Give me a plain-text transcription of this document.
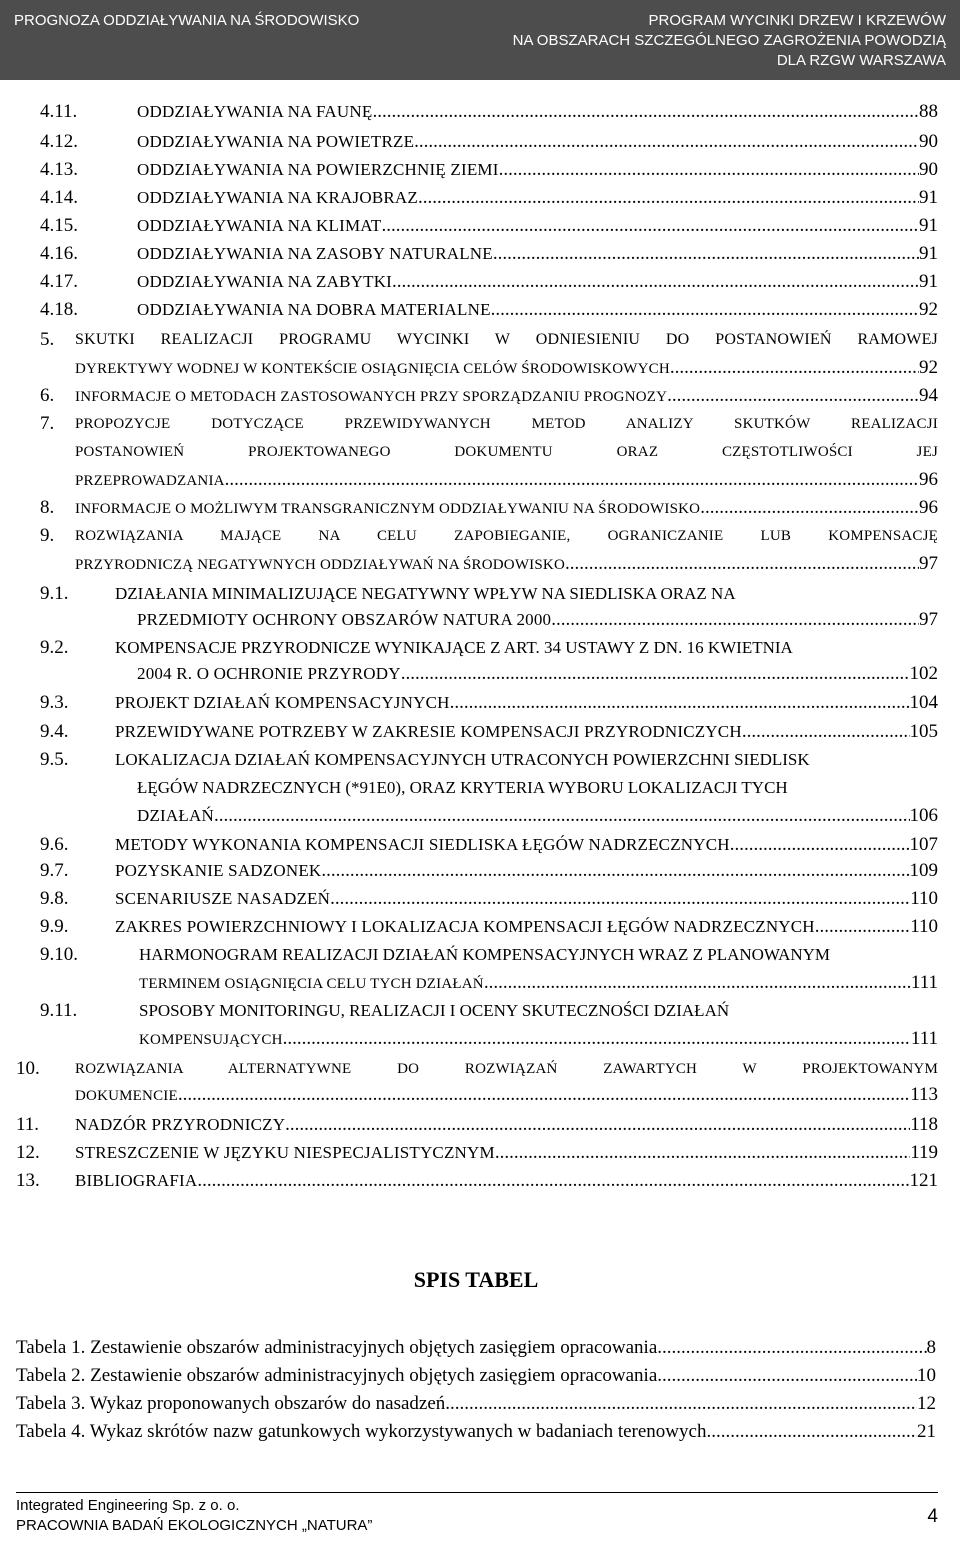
PROGNOZA ODDZIAŁYWANIA NA ŚRODOWISKO	PROGRAM WYCINKI DRZEW I KRZEWÓW
NA OBSZARACH SZCZEGÓLNEGO ZAGROŻENIA POWODZIĄ
DLA RZGW WARSZAWA
4.11.	ODDZIAŁYWANIA NA FAUNĘ .....	88
4.12.	ODDZIAŁYWANIA NA POWIETRZE .....	90
4.13.	ODDZIAŁYWANIA NA POWIERZCHNIĘ ZIEMI .....	90
4.14.	ODDZIAŁYWANIA NA KRAJOBRAZ .....	91
4.15.	ODDZIAŁYWANIA NA KLIMAT .....	91
4.16.	ODDZIAŁYWANIA NA ZASOBY NATURALNE .....	91
4.17.	ODDZIAŁYWANIA NA ZABYTKI .....	91
4.18.	ODDZIAŁYWANIA NA DOBRA MATERIALNE .....	92
5. SKUTKI REALIZACJI PROGRAMU WYCINKI W ODNIESIENIU DO POSTANOWIEŃ RAMOWEJ
DYREKTYWY WODNEJ W KONTEKŚCIE OSIĄGNIĘCIA CELÓW ŚRODOWISKOWYCH .....	92
6. INFORMACJE O METODACH ZASTOSOWANYCH PRZY SPORZĄDZANIU PROGNOZY .....	94
7. PROPOZYCJE DOTYCZĄCE PRZEWIDYWANYCH METOD ANALIZY SKUTKÓW REALIZACJI
POSTANOWIEŃ PROJEKTOWANEGO DOKUMENTU ORAZ CZĘSTOTLIWOŚCI JEJ
PRZEPROWADZANIA .....	96
8. INFORMACJE O MOŻLIWYM TRANSGRANICZNYM ODDZIAŁYWANIU NA ŚRODOWISKO .....	96
9. ROZWIĄZANIA MAJĄCE NA CELU ZAPOBIEGANIE, OGRANICZANIE LUB KOMPENSACJĘ
PRZYRODNICZĄ NEGATYWNYCH ODDZIAŁYWAŃ NA ŚRODOWISKO .....	97
9.1.	DZIAŁANIA MINIMALIZUJĄCE NEGATYWNY WPŁYW NA SIEDLISKA ORAZ NA
PRZEDMIOTY OCHRONY OBSZARÓW NATURA 2000 .....	97
9.2.	KOMPENSACJE PRZYRODNICZE WYNIKAJĄCE Z ART. 34 USTAWY Z DN. 16 KWIETNIA
2004 R. O OCHRONIE PRZYRODY .....	102
9.3.	PROJEKT DZIAŁAŃ KOMPENSACYJNYCH .....	104
9.4.	PRZEWIDYWANE POTRZEBY W ZAKRESIE KOMPENSACJI PRZYRODNICZYCH .....	105
9.5.	LOKALIZACJA DZIAŁAŃ KOMPENSACYJNYCH UTRACONYCH POWIERZCHNI SIEDLISK
ŁĘGÓW NADRZECZNYCH (*91E0), ORAZ KRYTERIA WYBORU LOKALIZACJI TYCH
DZIAŁAŃ .....	106
9.6.	METODY WYKONANIA KOMPENSACJI SIEDLISKA ŁĘGÓW NADRZECZNYCH .....	107
9.7.	POZYSKANIE SADZONEK .....	109
9.8.	SCENARIUSZE NASADZEŃ .....	110
9.9.	ZAKRES POWIERZCHNIOWY I LOKALIZACJA KOMPENSACJI ŁĘGÓW NADRZECZNYCH .....	110
9.10.	HARMONOGRAM REALIZACJI DZIAŁAŃ KOMPENSACYJNYCH WRAZ Z PLANOWANYM
TERMINEM OSIĄGNIĘCIA CELU TYCH DZIAŁAŃ .....	111
9.11.	SPOSOBY MONITORINGU, REALIZACJI I OCENY SKUTECZNOŚCI DZIAŁAŃ
KOMPENSUJĄCYCH .....	111
10. ROZWIĄZANIA ALTERNATYWNE DO ROZWIĄZAŃ ZAWARTYCH W PROJEKTOWANYM
DOKUMENCIE .....	113
11. NADZÓR PRZYRODNICZY .....	118
12. STRESZCZENIE W JĘZYKU NIESPECJALISTYCZNYM .....	119
13. BIBLIOGRAFIA .....	121
SPIS TABEL
Tabela 1. Zestawienie obszarów administracyjnych objętych zasięgiem opracowania .....	8
Tabela 2. Zestawienie obszarów administracyjnych objętych zasięgiem opracowania .....	10
Tabela 3. Wykaz proponowanych obszarów do nasadzeń .....	12
Tabela 4. Wykaz skrótów nazw gatunkowych wykorzystywanych w badaniach terenowych .....	21
Integrated Engineering Sp. z o. o.
PRACOWNIA BADAŃ EKOLOGICZNYCH „NATURA”	4
